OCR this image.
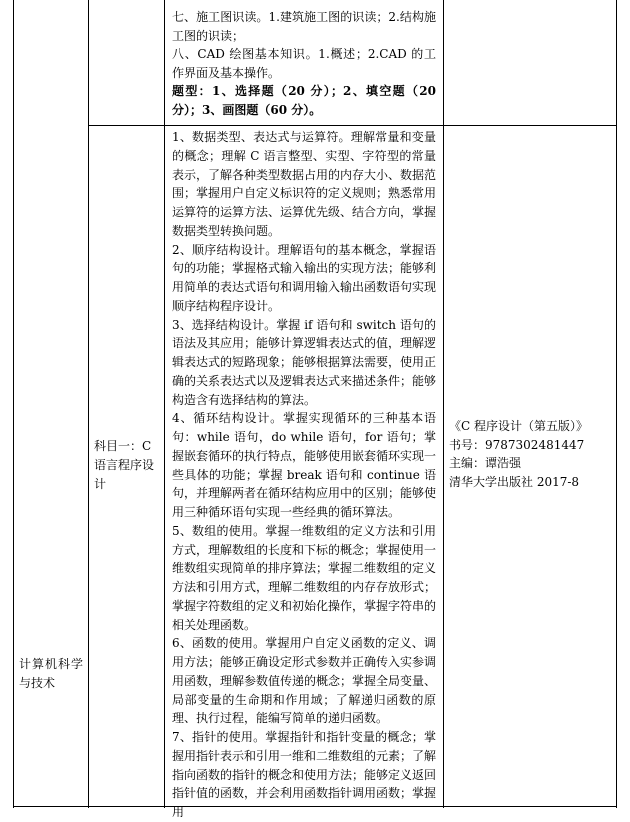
七、施工图识读。1.建筑施工图的识读；2.结构施工图的识读；

八、CAD 绘图基本知识。1.概述；2.CAD 的工作界面及基本操作。

题型：1、选择题（20 分）；2、填空题（20 分）；3、画图题（60 分）。

计算机科学与技术
科目一：C 语言程序设计

1、数据类型、表达式与运算符。理解常量和变量的概念；理解 C 语言整型、实型、字符型的常量表示，了解各种类型数据占用的内存大小、数据范围；掌握用户自定义标识符的定义规则；熟悉常用运算符的运算方法、运算优先级、结合方向，掌握数据类型转换问题。

2、顺序结构设计。理解语句的基本概念，掌握语句的功能；掌握格式输入输出的实现方法；能够利用简单的表达式语句和调用输入输出函数语句实现顺序结构程序设计。

3、选择结构设计。掌握 if 语句和 switch 语句的语法及其应用；能够计算逻辑表达式的值，理解逻辑表达式的短路现象；能够根据算法需要，使用正确的关系表达式以及逻辑表达式来描述条件；能够构造含有选择结构的算法。

4、循环结构设计。掌握实现循环的三种基本语句：while 语句，do while 语句，for 语句；掌握嵌套循环的执行特点，能够使用嵌套循环实现一些具体的功能；掌握 break 语句和 continue 语句，并理解两者在循环结构应用中的区别；能够使用三种循环语句实现一些经典的循环算法。

5、数组的使用。掌握一维数组的定义方法和引用方式，理解数组的长度和下标的概念；掌握使用一维数组实现简单的排序算法；掌握二维数组的定义方法和引用方式，理解二维数组的内存存放形式；掌握字符数组的定义和初始化操作，掌握字符串的相关处理函数。

6、函数的使用。掌握用户自定义函数的定义、调用方法；能够正确设定形式参数并正确传入实参调用函数，理解参数值传递的概念；掌握全局变量、局部变量的生命期和作用域；了解递归函数的原理、执行过程，能编写简单的递归函数。

7、指针的使用。掌握指针和指针变量的概念；掌握用指针表示和引用一维和二维数组的元素；了解指向函数的指针的概念和使用方法；能够定义返回指针值的函数，并会利用函数指针调用函数；掌握用

《C 程序设计（第五版）》
书号：9787302481447
主编：谭浩强
清华大学出版社 2017-8
